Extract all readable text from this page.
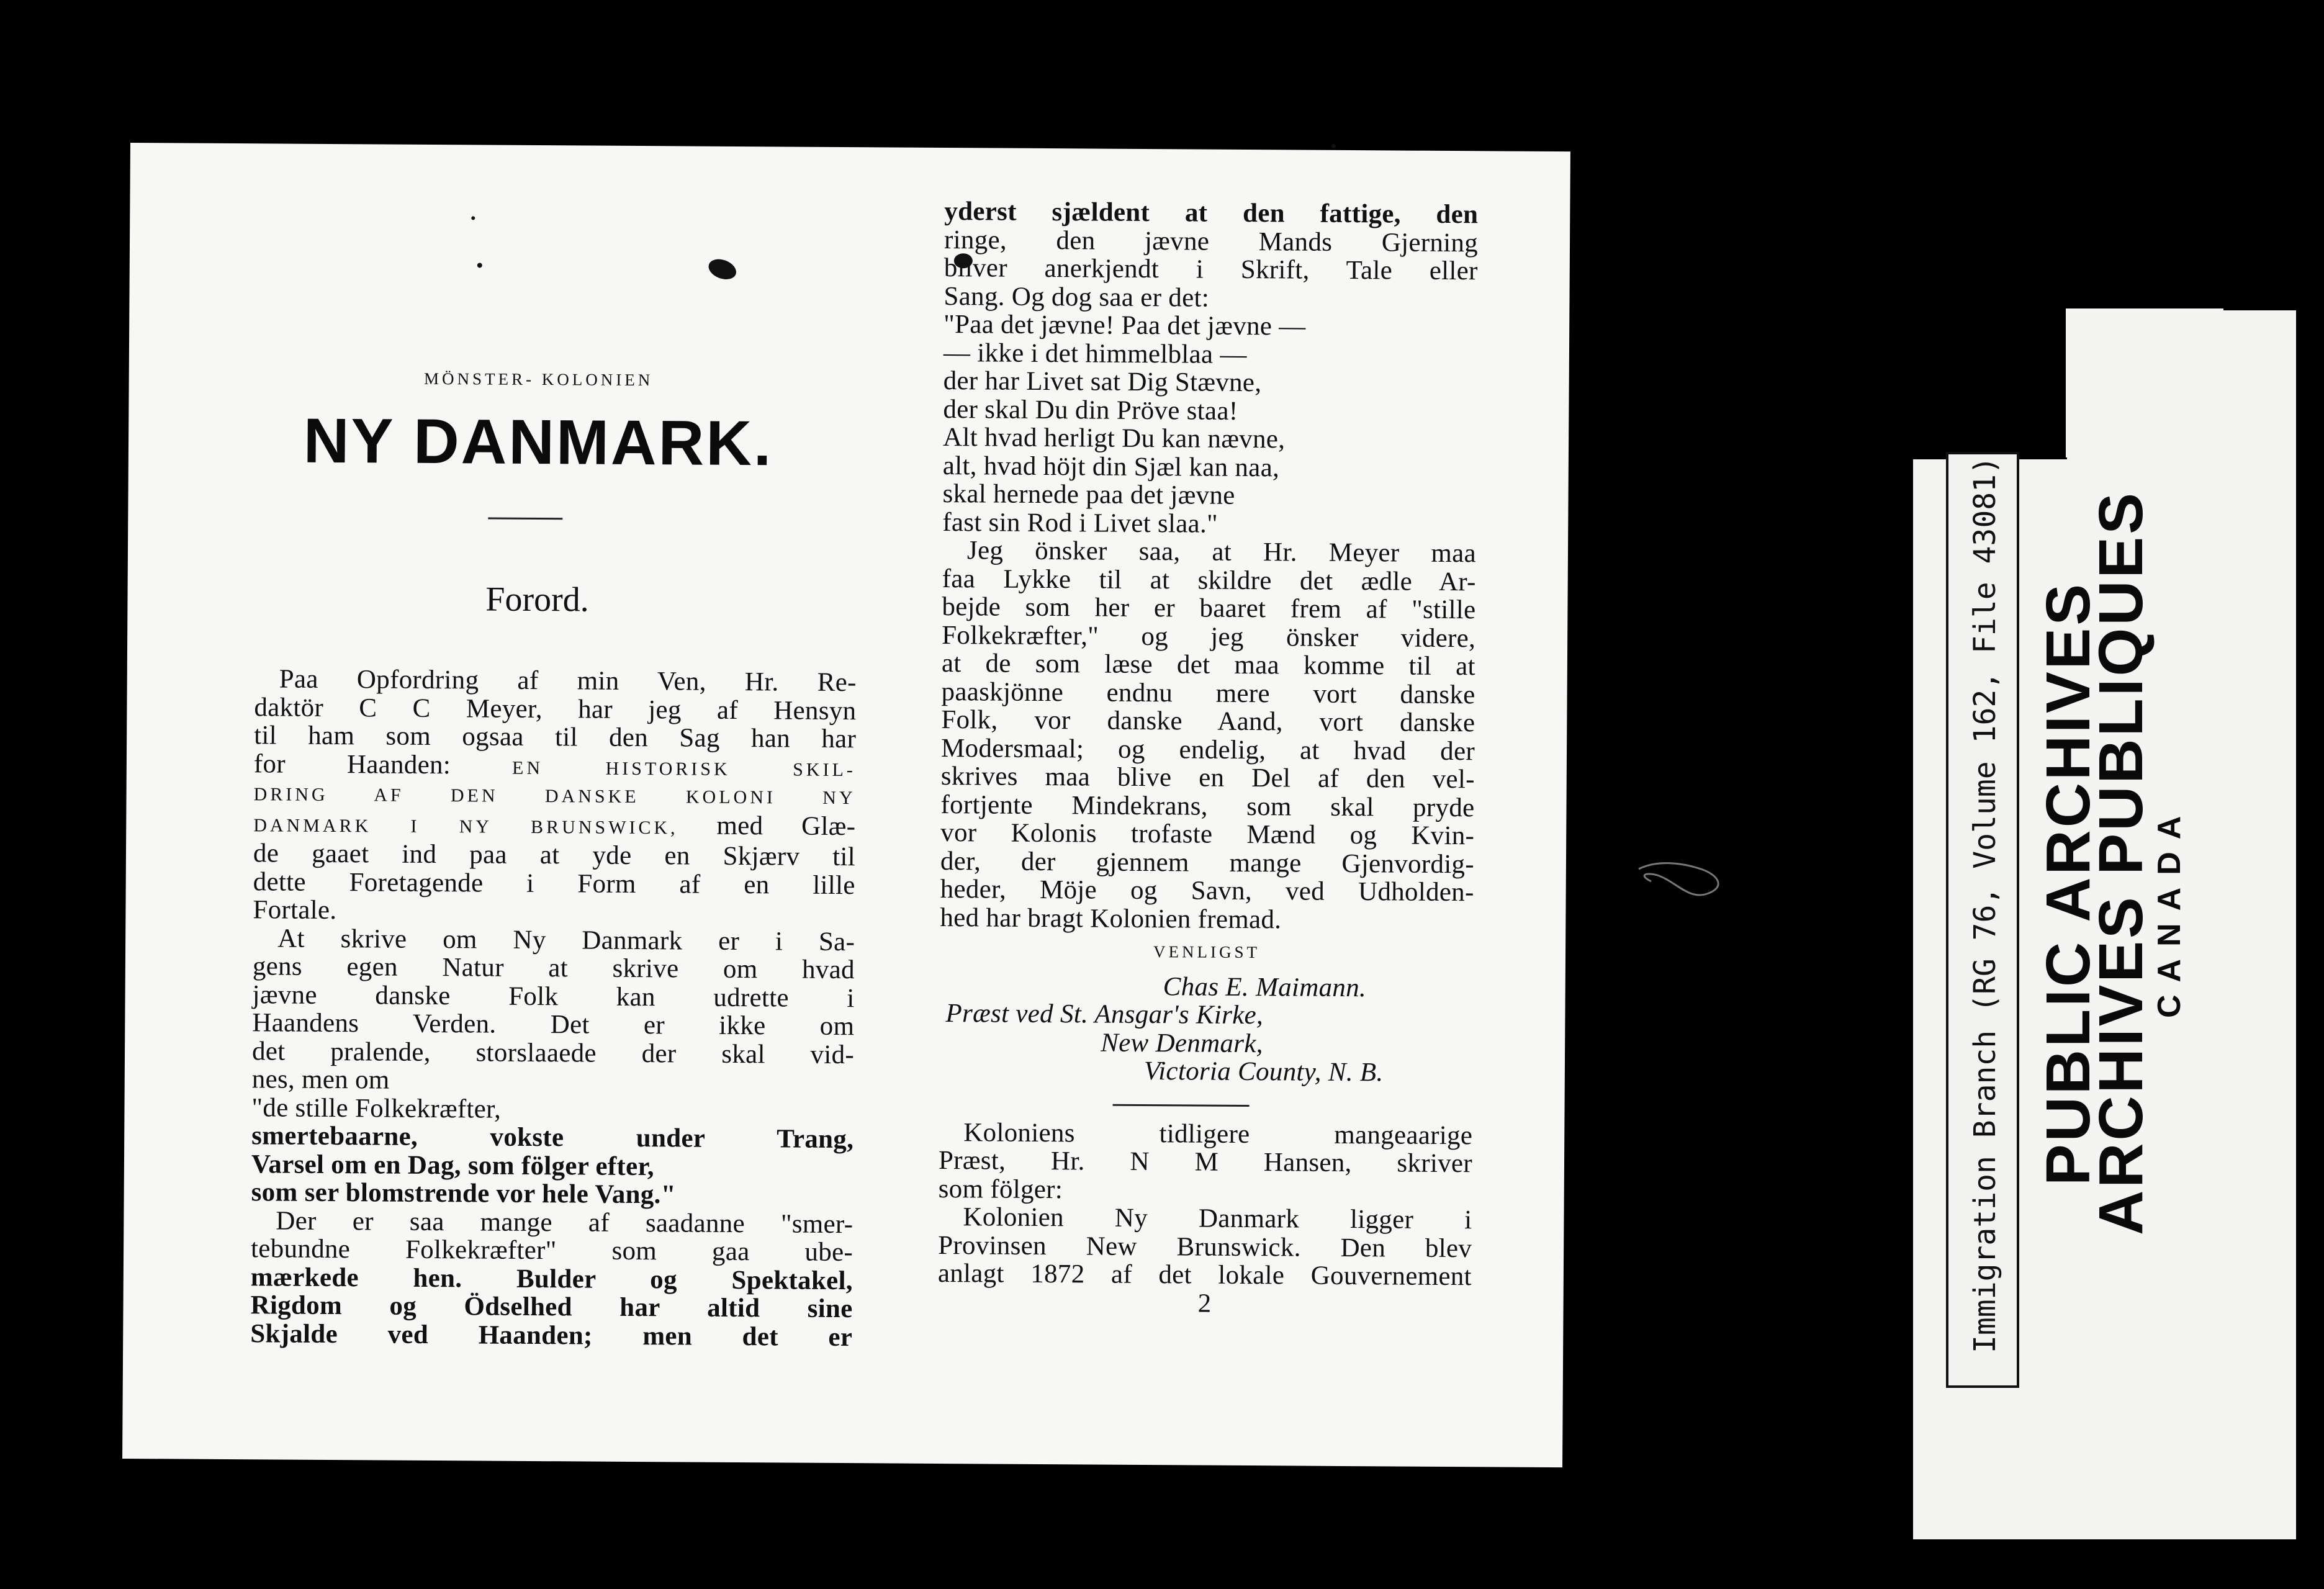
MÖNSTER- KOLONIEN
NY DANMARK.
Forord.

Paa Opfordring af min Ven, Hr. Re-

daktör C C Meyer, har jeg af Hensyn

til ham som ogsaa til den Sag han har

for Haanden:	EN HISTORISK SKIL-

DRING AF DEN DANSKE KOLONI NY

DANMARK I NY BRUNSWICK, med Glæ-

de gaaet ind paa at yde en Skjærv til

dette Foretagende i Form af en lille

Fortale.

At skrive om Ny Danmark er i Sa-

gens egen Natur at skrive om hvad

jævne danske Folk kan udrette i

Haandens Verden. Det er ikke om

det pralende, storslaaede der skal vid-

nes, men om

"de stille Folkekræfter,

smertebaarne, vokste under Trang,

Varsel om en Dag, som fölger efter,

som ser blomstrende vor hele Vang."

Der er saa mange af saadanne "smer-

tebundne Folkekræfter" som gaa ube-

mærkede hen. Bulder og Spektakel,

Rigdom og Ödselhed har altid sine

Skjalde ved Haanden; men det er

yderst sjældent at den fattige, den

ringe, den jævne Mands Gjerning

bliver anerkjendt i Skrift, Tale eller

Sang. Og dog saa er det:

"Paa det jævne! Paa det jævne —

— ikke i det himmelblaa —

der har Livet sat Dig Stævne,

der skal Du din Pröve staa!

Alt hvad herligt Du kan nævne,

alt, hvad höjt din Sjæl kan naa,

skal hernede paa det jævne

fast sin Rod i Livet slaa."

Jeg önsker saa, at Hr. Meyer maa

faa Lykke til at skildre det ædle Ar-

bejde som her er baaret frem af "stille

Folkekræfter," og jeg önsker videre,

at de som læse det maa komme til at

paaskjönne endnu mere vort danske

Folk, vor danske Aand, vort danske

Modersmaal; og endelig, at hvad der

skrives maa blive en Del af den vel-

fortjente Mindekrans, som skal pryde

vor Kolonis trofaste Mænd og Kvin-

der, der gjennem mange Gjenvordig-

heder, Möje og Savn, ved Udholden-

hed har bragt Kolonien fremad.

VENLIGST

Chas E. Maimann.

Præst ved St. Ansgar's Kirke,

New Denmark,

Victoria County, N. B.

Koloniens tidligere mangeaarige

Præst, Hr. N M Hansen, skriver

som fölger:

Kolonien Ny Danmark ligger i

Provinsen New Brunswick. Den blev

anlagt 1872 af det lokale Gouvernement

2	Immigration Branch (RG 76, Volume 162, File 43081) PUBLIC ARCHIVES
ARCHIVES PUBLIQUES
CANADA
